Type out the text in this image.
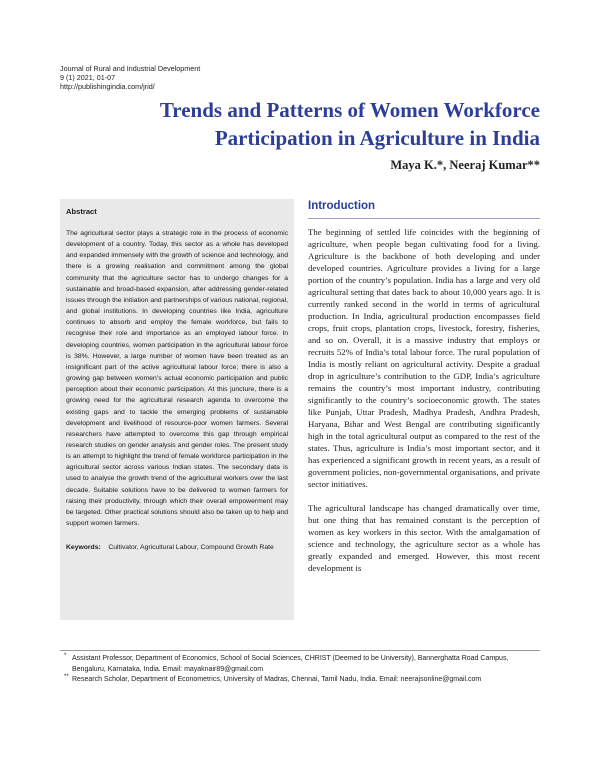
Journal of Rural and Industrial Development
9 (1) 2021, 01-07
http://publishingindia.com/jrid/
Trends and Patterns of Women Workforce Participation in Agriculture in India
Maya K.*, Neeraj Kumar**
Abstract

The agricultural sector plays a strategic role in the process of economic development of a country. Today, this sector as a whole has developed and expanded immensely with the growth of science and technology, and there is a growing realisation and commitment among the global community that the agriculture sector has to undergo changes for a sustainable and broad-based expansion, after addressing gender-related issues through the initiation and partnerships of various national, regional, and global institutions. In developing countries like India, agriculture continues to absorb and employ the female workforce, but fails to recognise their role and importance as an employed labour force. In developing countries, women participation in the agricultural labour force is 38%. However, a large number of women have been treated as an insignificant part of the active agricultural labour force; there is also a growing gap between women’s actual economic participation and public perception about their economic participation. At this juncture, there is a growing need for the agricultural research agenda to overcome the existing gaps and to tackle the emerging problems of sustainable development and livelihood of resource-poor women farmers. Several researchers have attempted to overcome this gap through empirical research studies on gender analysis and gender roles. The present study is an attempt to highlight the trend of female workforce participation in the agricultural sector across various Indian states. The secondary data is used to analyse the growth trend of the agricultural workers over the last decade. Suitable solutions have to be delivered to women farmers for raising their productivity, through which their overall empowerment may be targeted. Other practical solutions should also be taken up to help and support women farmers.

Keywords: Cultivator, Agricultural Labour, Compound Growth Rate
Introduction

The beginning of settled life coincides with the beginning of agriculture, when people began cultivating food for a living. Agriculture is the backbone of both developing and under developed countries. Agriculture provides a living for a large portion of the country’s population. India has a large and very old agricultural setting that dates back to about 10,000 years ago. It is currently ranked second in the world in terms of agricultural production. In India, agricultural production encompasses field crops, fruit crops, plantation crops, livestock, forestry, fisheries, and so on. Overall, it is a massive industry that employs or recruits 52% of India’s total labour force. The rural population of India is mostly reliant on agricultural activity. Despite a gradual drop in agriculture’s contribution to the GDP, India’s agriculture remains the country’s most important industry, contributing significantly to the country’s socioeconomic growth. The states like Punjab, Uttar Pradesh, Madhya Pradesh, Andhra Pradesh, Haryana, Bihar and West Bengal are contributing significantly high in the total agricultural output as compared to the rest of the states. Thus, agriculture is India’s most important sector, and it has experienced a significant growth in recent years, as a result of government policies, non-governmental organisations, and private sector initiatives.

The agricultural landscape has changed dramatically over time, but one thing that has remained constant is the perception of women as key workers in this sector. With the amalgamation of science and technology, the agriculture sector as a whole has greatly expanded and emerged. However, this most recent development is

* Assistant Professor, Department of Economics, School of Social Sciences, CHRIST (Deemed to be University), Bannerghatta Road Campus, Bengaluru, Karnataka, India. Email: mayaknair89@gmail.com
** Research Scholar, Department of Econometrics, University of Madras, Chennai, Tamil Nadu, India. Email: neerajsonline@gmail.com
